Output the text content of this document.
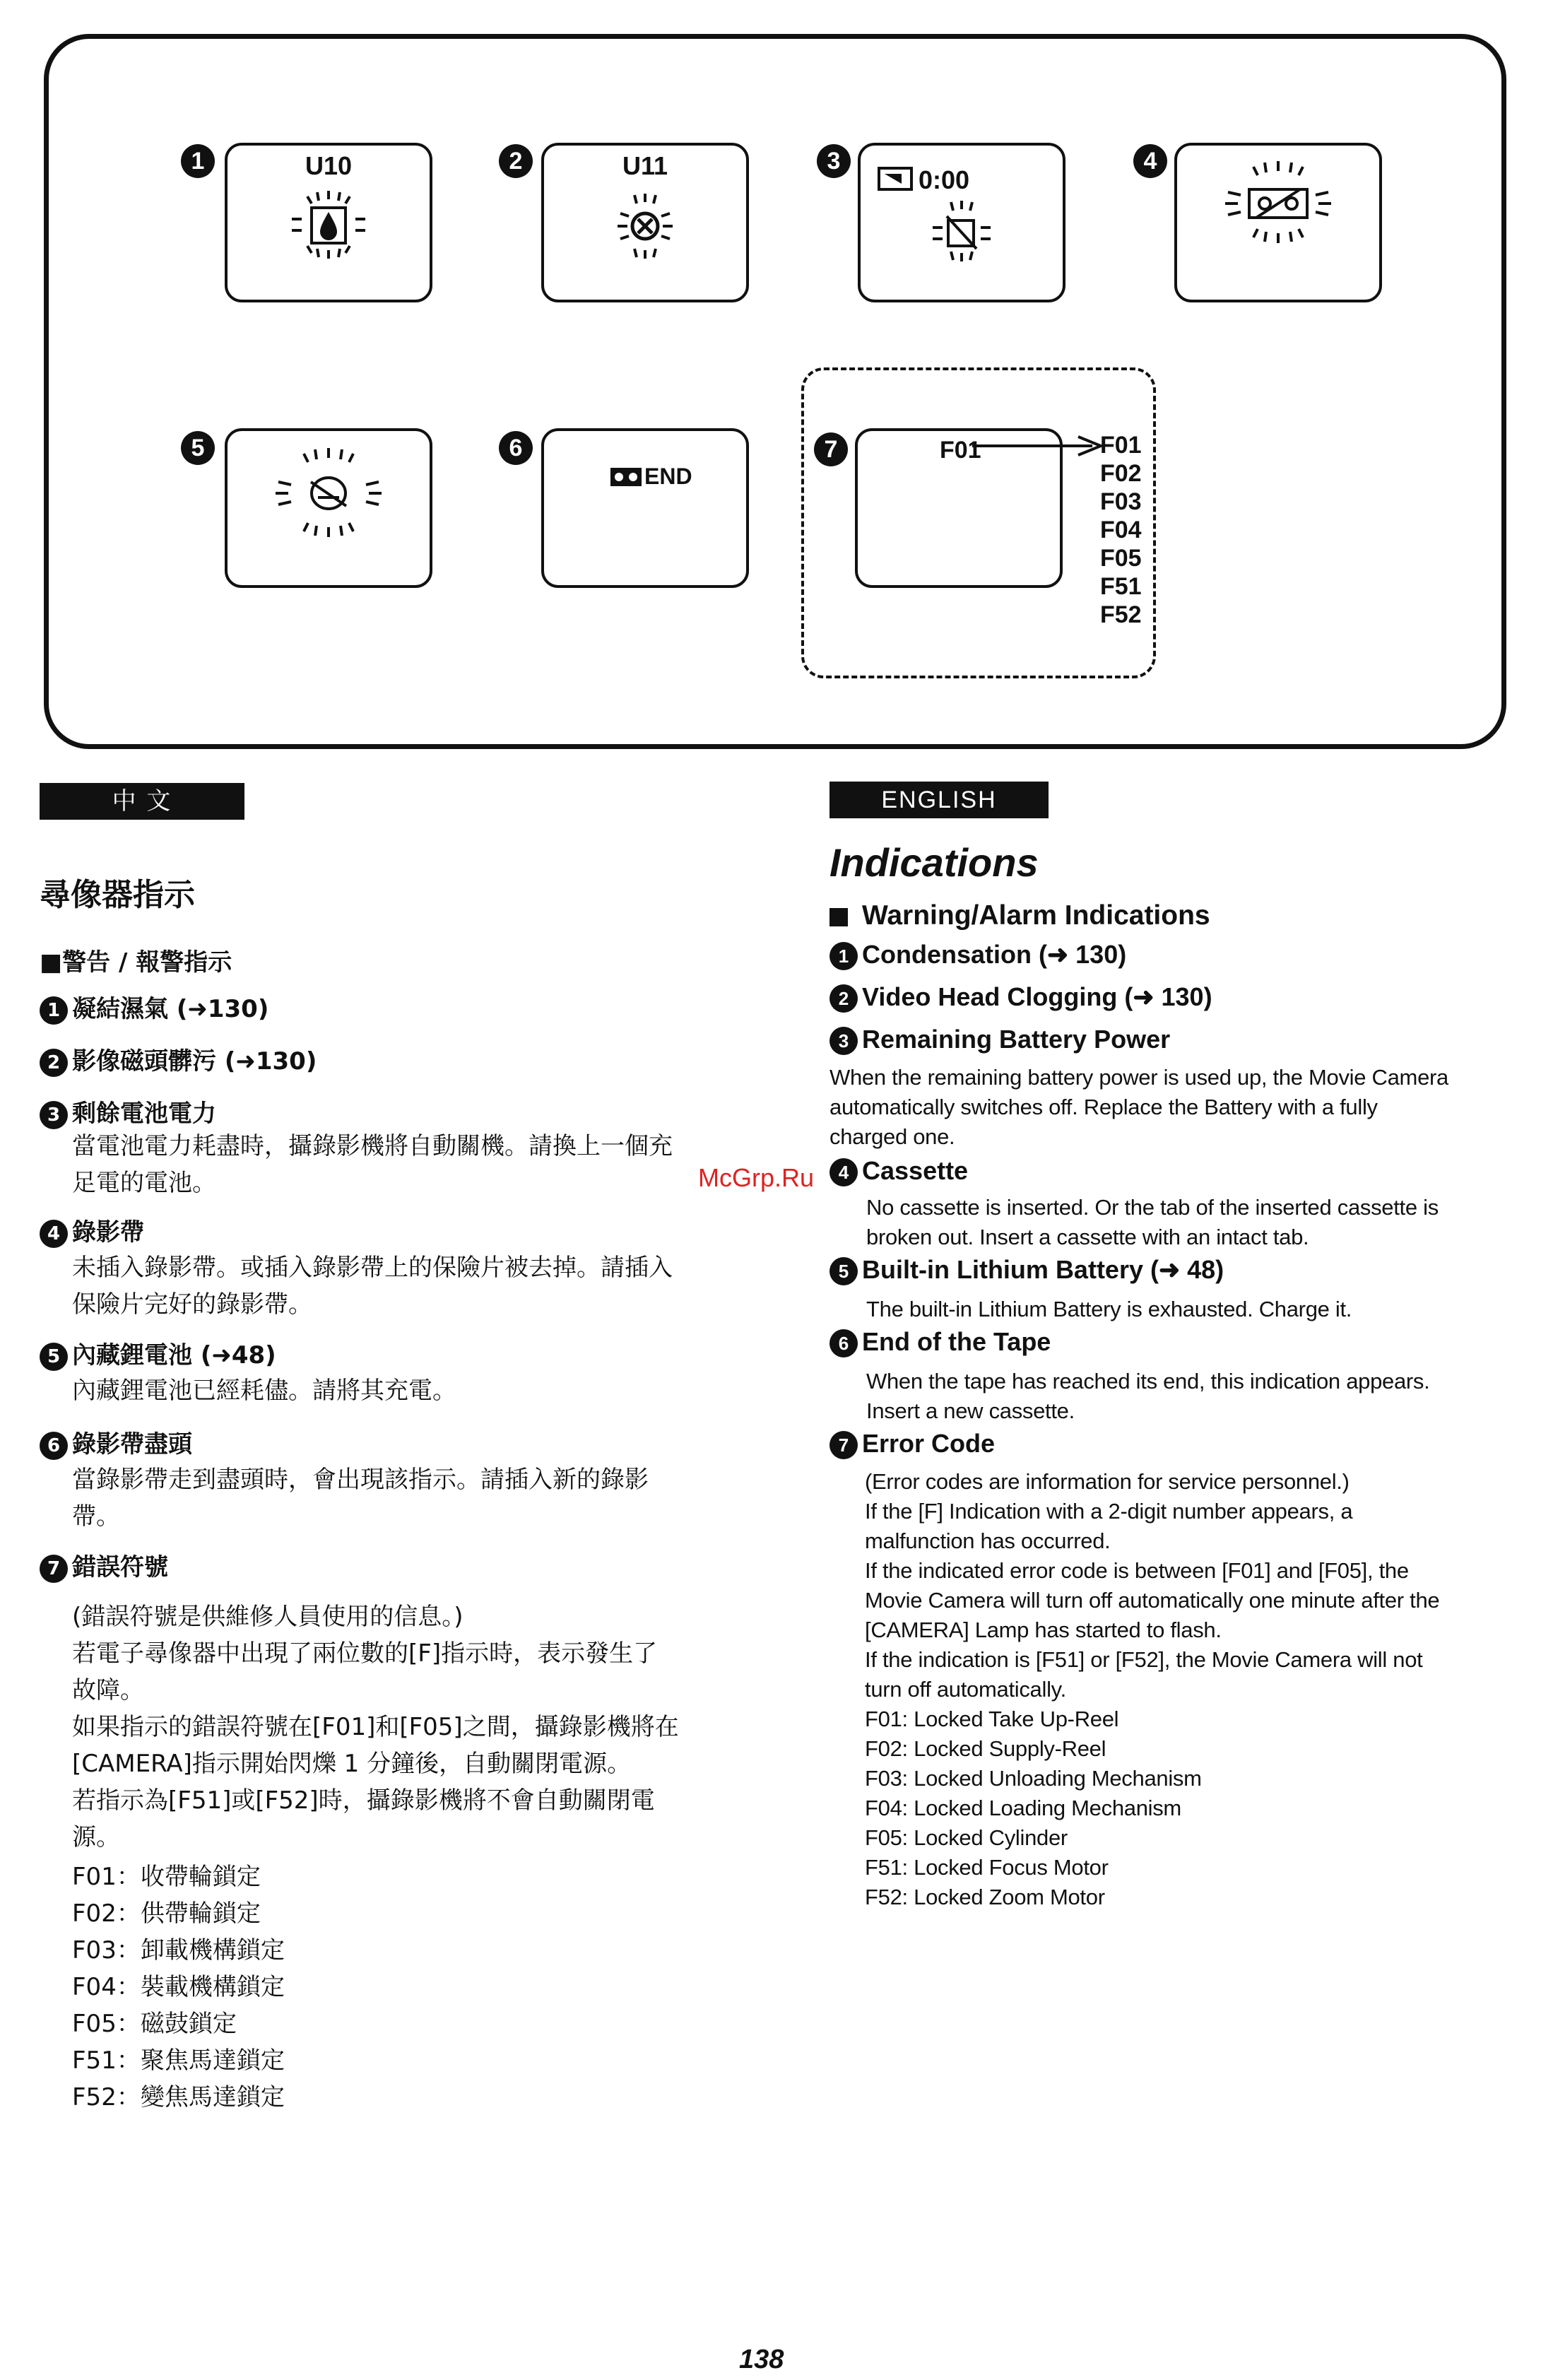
1	U10	2	U11	3
0:00
4
5	6
END
7	F01	F01
F02
F03
F04
F05
F51
F52
中 文
尋像器指示
■警告 / 報警指示
1 凝結濕氣 (➜130)
2 影像磁頭髒污 (➜130)
3 剩餘電池電力
當電池電力耗盡時，攝錄影機將自動關機。請換上一個充
足電的電池。
4 錄影帶
未插入錄影帶。或插入錄影帶上的保險片被去掉。請插入
保險片完好的錄影帶。
5 內藏鋰電池 (➜48)
內藏鋰電池已經耗儘。請將其充電。
6 錄影帶盡頭
當錄影帶走到盡頭時，會出現該指示。請插入新的錄影
帶。
7 錯誤符號
(錯誤符號是供維修人員使用的信息。)
若電子尋像器中出現了兩位數的[F]指示時，表示發生了
故障。
如果指示的錯誤符號在[F01]和[F05]之間，攝錄影機將在
[CAMERA]指示開始閃爍 1 分鐘後，自動關閉電源。
若指示為[F51]或[F52]時，攝錄影機將不會自動關閉電
源。
F01：收帶輪鎖定
F02：供帶輪鎖定
F03：卸載機構鎖定
F04：裝載機構鎖定
F05：磁鼓鎖定
F51：聚焦馬達鎖定
F52：變焦馬達鎖定
ENGLISH
Indications
Warning/Alarm Indications
1 Condensation (➜ 130)
2 Video Head Clogging (➜ 130)
3 Remaining Battery Power
When the remaining battery power is used up, the Movie Camera
automatically switches off. Replace the Battery with a fully
charged one.
4 Cassette
No cassette is inserted. Or the tab of the inserted cassette is
broken out. Insert a cassette with an intact tab.
5 Built-in Lithium Battery (➜ 48)
The built-in Lithium Battery is exhausted. Charge it.
6 End of the Tape
When the tape has reached its end, this indication appears.
Insert a new cassette.
7 Error Code
(Error codes are information for service personnel.)
If the [F] Indication with a 2-digit number appears, a
malfunction has occurred.
If the indicated error code is between [F01] and [F05], the
Movie Camera will turn off automatically one minute after the
[CAMERA] Lamp has started to flash.
If the indication is [F51] or [F52], the Movie Camera will not
turn off automatically.
F01: Locked Take Up-Reel
F02: Locked Supply-Reel
F03: Locked Unloading Mechanism
F04: Locked Loading Mechanism
F05: Locked Cylinder
F51: Locked Focus Motor
F52: Locked Zoom Motor
McGrp.Ru
138
